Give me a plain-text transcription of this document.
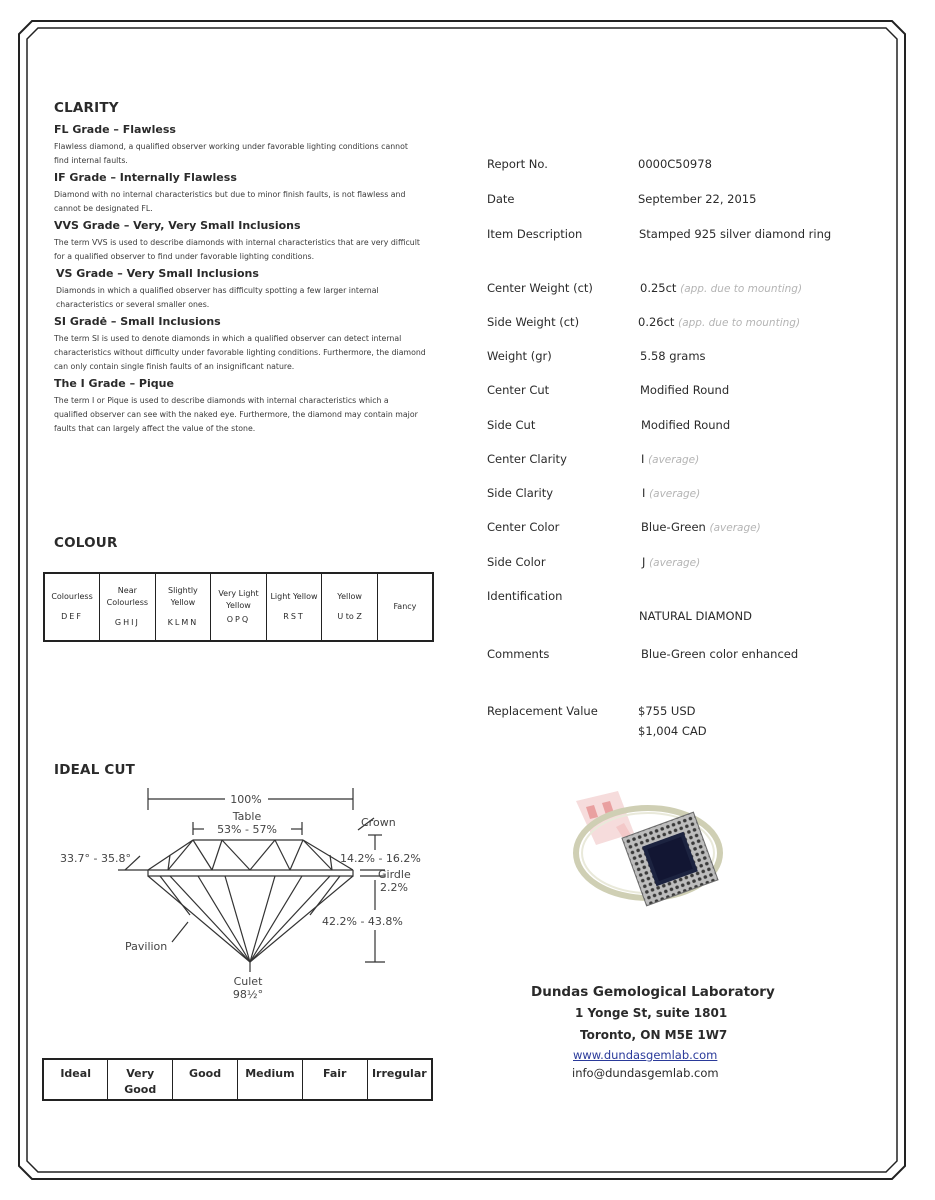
CLARITY
FL Grade – Flawless
Flawless diamond, a qualified observer working under favorable lighting conditions cannot find internal faults.
IF Grade – Internally Flawless
Diamond with no internal characteristics but due to minor finish faults, is not flawless and cannot be designated FL.
VVS Grade – Very, Very Small Inclusions
The term VVS is used to describe diamonds with internal characteristics that are very difficult for a qualified observer to find under favorable lighting conditions.
VS Grade – Very Small Inclusions
Diamonds in which a qualified observer has difficulty spotting a few larger internal characteristics or several smaller ones.
SI Gradė – Small Inclusions
The term SI is used to denote diamonds in which a qualified observer can detect internal characteristics without difficulty under favorable lighting conditions. Furthermore, the diamond can only contain single finish faults of an insignificant nature.
The I Grade – Pique
The term I or Pique is used to describe diamonds with internal characteristics which a qualified observer can see with the naked eye. Furthermore, the diamond may contain major faults that can largely affect the value of the stone.
COLOUR
Colourless
DEF
	Near Colourless
GHIJ
	Slightly Yellow
KLMN
	Very Light Yellow
OPQ
	Light Yellow
RST
	Yellow
U to Z
	Fancy
IDEAL CUT
100%
Table
53% - 57%
Crown
33.7° - 35.8°	14.2% - 16.2%
Girdle
2.2%
42.2% - 43.8%
Pavilion
Culet
98½°
Ideal	Very Good	Good	Medium	Fair	Irregular
Report No.	0000C50978
Date	September 22, 2015
Item Description	Stamped 925 silver diamond ring
Center Weight (ct)	0.25ct (app. due to mounting)
Side Weight (ct)	0.26ct (app. due to mounting)
Weight (gr)	5.58 grams
Center Cut	Modified Round
Side Cut	Modified Round
Center Clarity	I (average)
Side Clarity	I (average)
Center Color	Blue-Green (average)
Side Color	J (average)
Identification
NATURAL DIAMOND
Comments	Blue-Green color enhanced
Replacement Value	$755 USD
$1,004 CAD
Dundas Gemological Laboratory
1 Yonge St, suite 1801
Toronto, ON M5E 1W7
www.dundasgemlab.com
info@dundasgemlab.com
